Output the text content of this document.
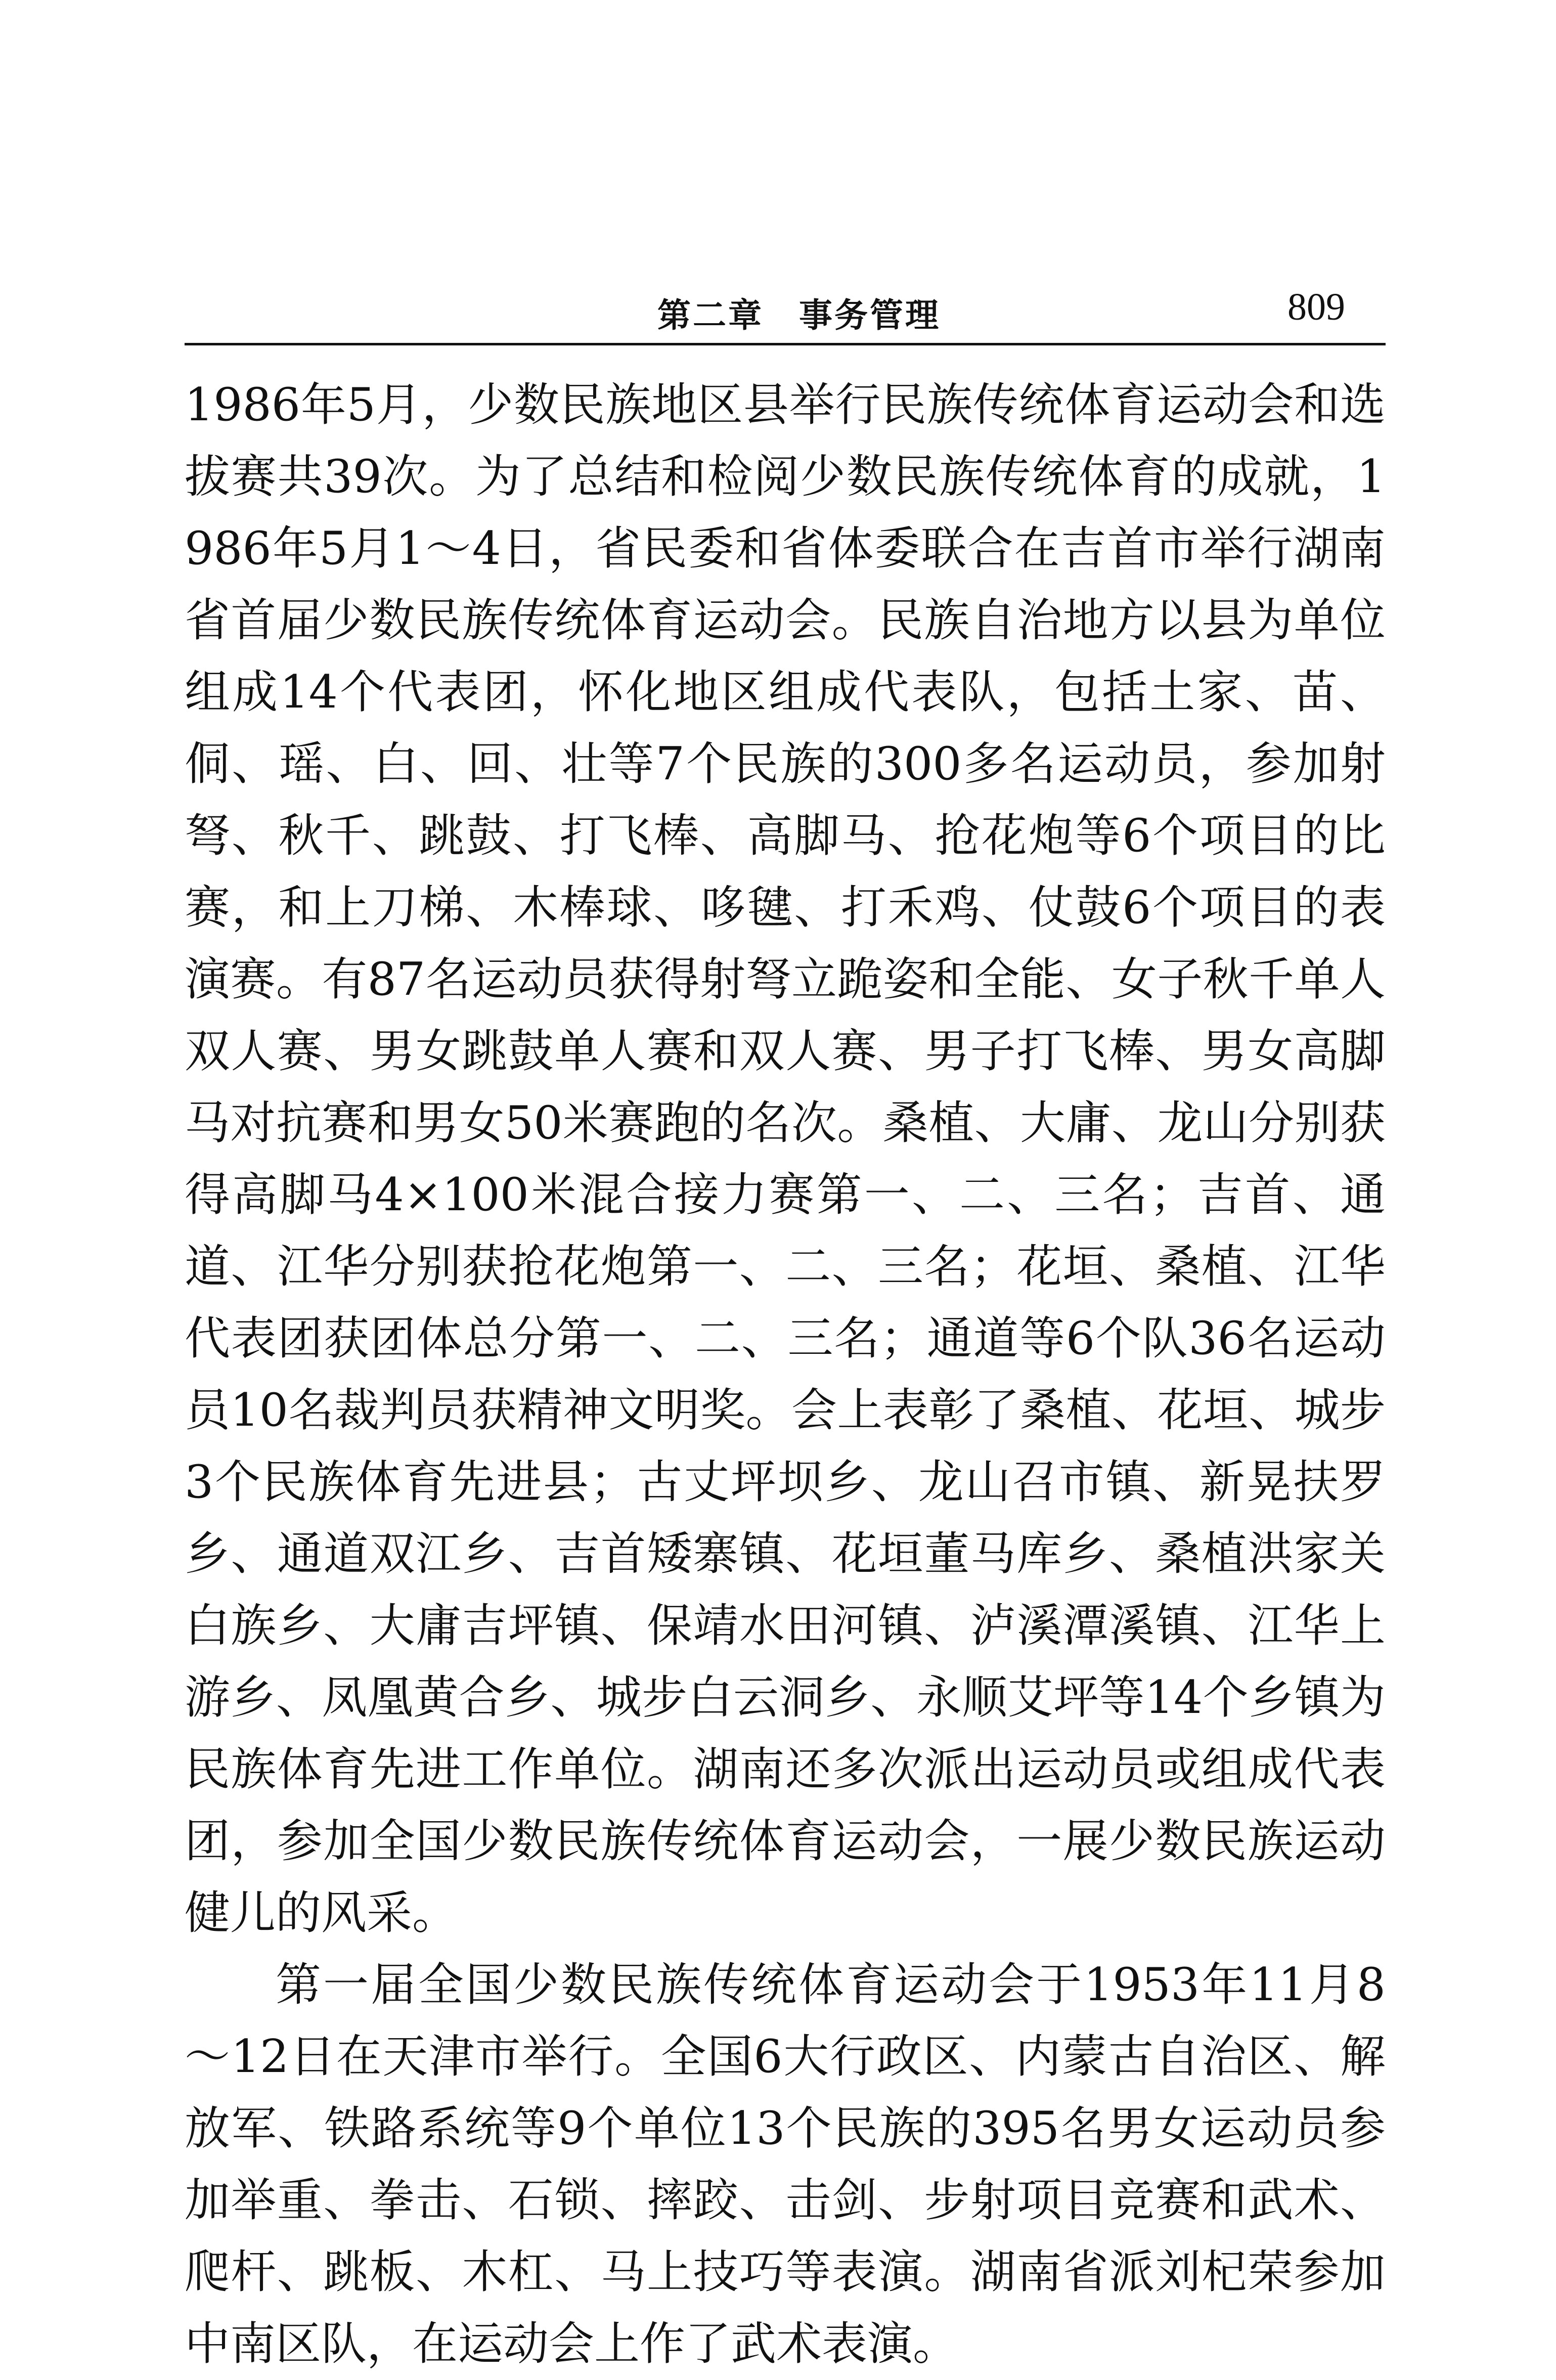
第二章　事务管理	809

1986年5月，少数民族地区县举行民族传统体育运动会和选拔赛共39次。为了总结和检阅少数民族传统体育的成就，1986年5月1～4日，省民委和省体委联合在吉首市举行湖南省首届少数民族传统体育运动会。民族自治地方以县为单位组成14个代表团，怀化地区组成代表队，包括土家、苗、侗、瑶、白、回、壮等7个民族的300多名运动员，参加射弩、秋千、跳鼓、打飞棒、高脚马、抢花炮等6个项目的比赛，和上刀梯、木棒球、哆毽、打禾鸡、仗鼓6个项目的表演赛。有87名运动员获得射弩立跪姿和全能、女子秋千单人双人赛、男女跳鼓单人赛和双人赛、男子打飞棒、男女高脚马对抗赛和男女50米赛跑的名次。桑植、大庸、龙山分别获得高脚马4×100米混合接力赛第一、二、三名；吉首、通道、江华分别获抢花炮第一、二、三名；花垣、桑植、江华代表团获团体总分第一、二、三名；通道等6个队36名运动员10名裁判员获精神文明奖。会上表彰了桑植、花垣、城步3个民族体育先进县；古丈坪坝乡、龙山召市镇、新晃扶罗乡、通道双江乡、吉首矮寨镇、花垣董马库乡、桑植洪家关白族乡、大庸吉坪镇、保靖水田河镇、泸溪潭溪镇、江华上游乡、凤凰黄合乡、城步白云洞乡、永顺艾坪等14个乡镇为民族体育先进工作单位。湖南还多次派出运动员或组成代表团，参加全国少数民族传统体育运动会，一展少数民族运动健儿的风采。

第一届全国少数民族传统体育运动会于1953年11月8～12日在天津市举行。全国6大行政区、内蒙古自治区、解放军、铁路系统等9个单位13个民族的395名男女运动员参加举重、拳击、石锁、摔跤、击剑、步射项目竞赛和武术、爬杆、跳板、木杠、马上技巧等表演。湖南省派刘杞荣参加中南区队，在运动会上作了武术表演。
